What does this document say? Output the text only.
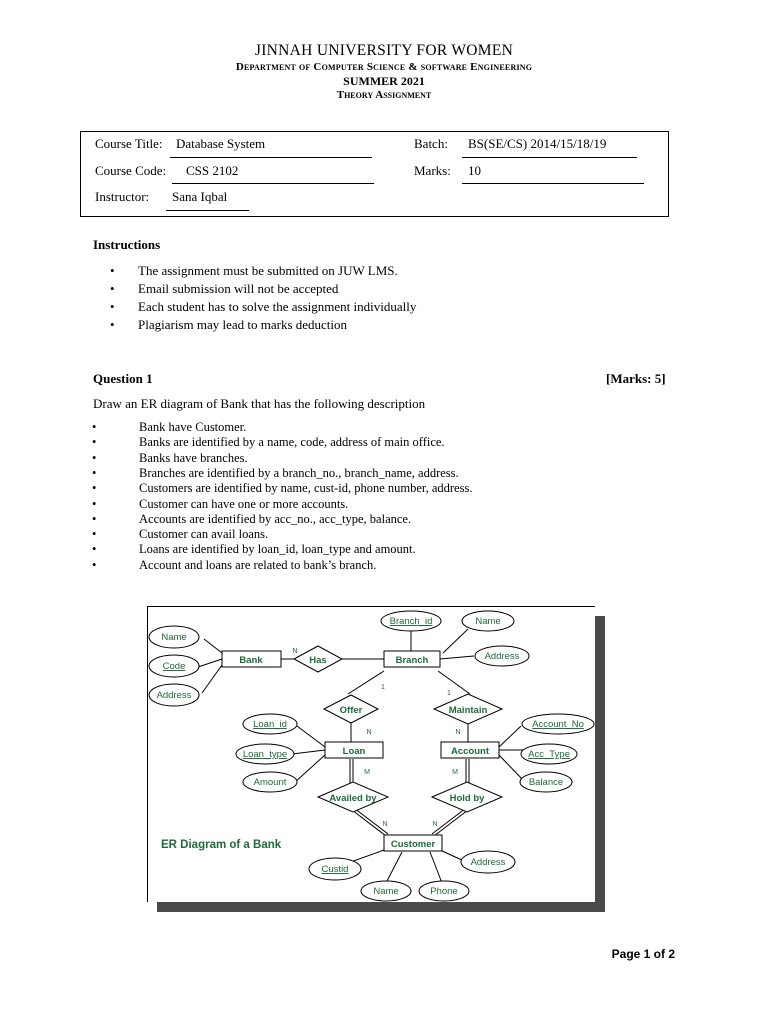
JINNAH UNIVERSITY FOR WOMEN
Department of Computer Science & software Engineering
SUMMER 2021
Theory Assignment
Course Title: Database System
Course Code: CSS 2102
Instructor: Sana Iqbal
Batch: BS(SE/CS) 2014/15/18/19
Marks: 10
Instructions
• The assignment must be submitted on JUW LMS.
• Email submission will not be accepted
• Each student has to solve the assignment individually
• Plagiarism may lead to marks deduction
Question 1	[Marks: 5]
Draw an ER diagram of Bank that has the following description
•	Bank have Customer.
•	Banks are identified by a name, code, address of main office.
•	Banks have branches.
•	Branches are identified by a branch_no., branch_name, address.
•	Customers are identified by name, cust-id, phone number, address.
•	Customer can have one or more accounts.
•	Accounts are identified by acc_no., acc_type, balance.
•	Customer can avail loans.
•	Loans are identified by loan_id, loan_type and amount.
•	Account and loans are related to bank’s branch.
Bank	Branch
Loan	Account
Customer
Has
Offer	Maintain
Availed by	Hold by
Name
Code
Address
Branch_id	Name
Address
Loan_id
Loan_type
Amount
Account_No
Acc_Type
Balance
Custid
Name	Phone
Address
N
1
1
N	N
M	M
N	N
ER Diagram of a Bank
Page 1 of 2
